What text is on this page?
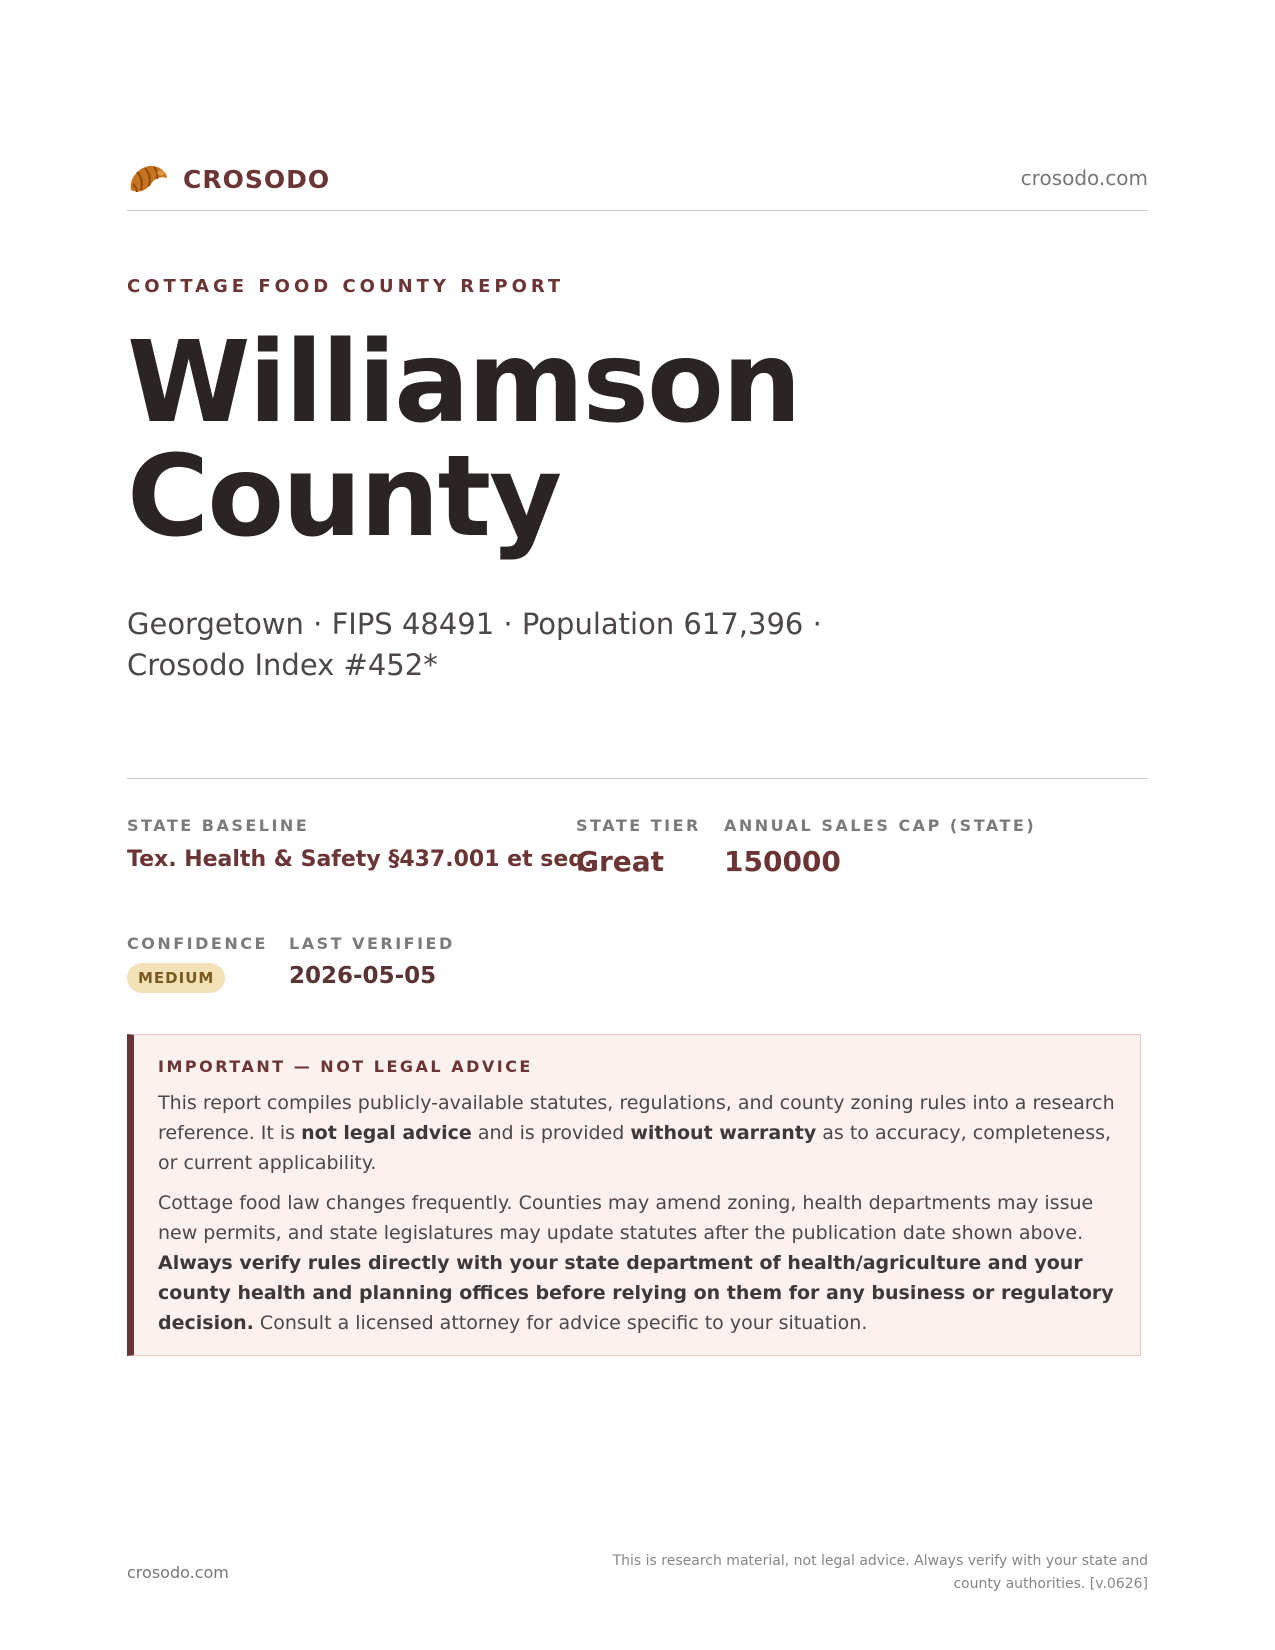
CROSODO	crosodo.com
COTTAGE FOOD COUNTY REPORT
Williamson County
Georgetown · FIPS 48491 · Population 617,396 · Crosodo Index #452*
STATE BASELINE
Tex. Health & Safety §437.001 et seq.
STATE TIER
Great
ANNUAL SALES CAP (STATE)
150000
CONFIDENCE
MEDIUM
LAST VERIFIED
2026-05-05
IMPORTANT — NOT LEGAL ADVICE

This report compiles publicly-available statutes, regulations, and county zoning rules into a research reference. It is not legal advice and is provided without warranty as to accuracy, completeness, or current applicability.

Cottage food law changes frequently. Counties may amend zoning, health departments may issue new permits, and state legislatures may update statutes after the publication date shown above. Always verify rules directly with your state department of health/agriculture and your county health and planning offices before relying on them for any business or regulatory decision. Consult a licensed attorney for advice specific to your situation.

crosodo.com
This is research material, not legal advice. Always verify with your state and county authorities. [v.0626]
